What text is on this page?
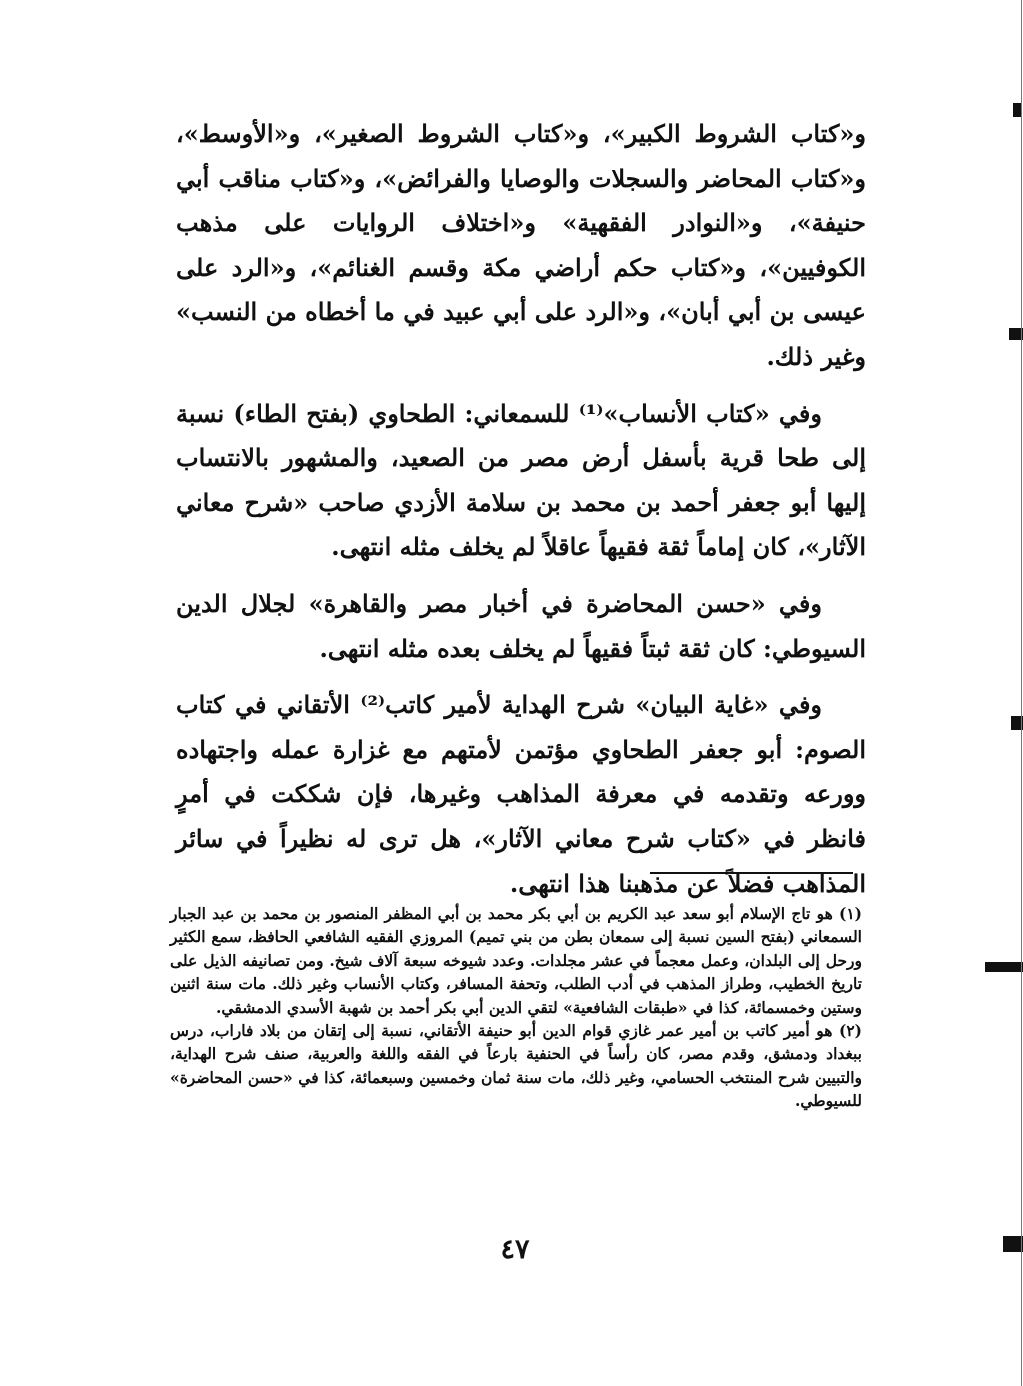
و«كتاب الشروط الكبير»، و«كتاب الشروط الصغير»، و«الأوسط»، و«كتاب المحاضر والسجلات والوصايا والفرائض»، و«كتاب مناقب أبي حنيفة»، و«النوادر الفقهية» و«اختلاف الروايات على مذهب الكوفيين»، و«كتاب حكم أراضي مكة وقسم الغنائم»، و«الرد على عيسى بن أبي أبان»، و«الرد على أبي عبيد في ما أخطاه من النسب» وغير ذلك.

وفي «كتاب الأنساب»⁽¹⁾ للسمعاني: الطحاوي (بفتح الطاء) نسبة إلى طحا قرية بأسفل أرض مصر من الصعيد، والمشهور بالانتساب إليها أبو جعفر أحمد بن محمد بن سلامة الأزدي صاحب «شرح معاني الآثار»، كان إماماً ثقة فقيهاً عاقلاً لم يخلف مثله انتهى.

وفي «حسن المحاضرة في أخبار مصر والقاهرة» لجلال الدين السيوطي: كان ثقة ثبتاً فقيهاً لم يخلف بعده مثله انتهى.

وفي «غاية البيان» شرح الهداية لأمير كاتب⁽²⁾ الأتقاني في كتاب الصوم: أبو جعفر الطحاوي مؤتمن لأمتهم مع غزارة عمله واجتهاده وورعه وتقدمه في معرفة المذاهب وغيرها، فإن شككت في أمرٍ فانظر في «كتاب شرح معاني الآثار»، هل ترى له نظيراً في سائر المذاهب فضلاً عن مذهبنا هذا انتهى.

(١) هو تاج الإسلام أبو سعد عبد الكريم بن أبي بكر محمد بن أبي المظفر المنصور بن محمد بن عبد الجبار السمعاني (بفتح السين نسبة إلى سمعان بطن من بني تميم) المروزي الفقيه الشافعي الحافظ، سمع الكثير ورحل إلى البلدان، وعمل معجماً في عشر مجلدات. وعدد شيوخه سبعة آلاف شيخ. ومن تصانيفه الذيل على تاريخ الخطيب، وطراز المذهب في أدب الطلب، وتحفة المسافر، وكتاب الأنساب وغير ذلك. مات سنة اثنين وستين وخمسمائة، كذا في «طبقات الشافعية» لتقي الدين أبي بكر أحمد بن شهبة الأسدي الدمشقي.

(٢) هو أمير كاتب بن أمير عمر غازي قوام الدين أبو حنيفة الأتقاني، نسبة إلى إتقان من بلاد فاراب، درس ببغداد ودمشق، وقدم مصر، كان رأساً في الحنفية بارعاً في الفقه واللغة والعربية، صنف شرح الهداية، والتبيين شرح المنتخب الحسامي، وغير ذلك، مات سنة ثمان وخمسين وسبعمائة، كذا في «حسن المحاضرة» للسيوطي.

٤٧
